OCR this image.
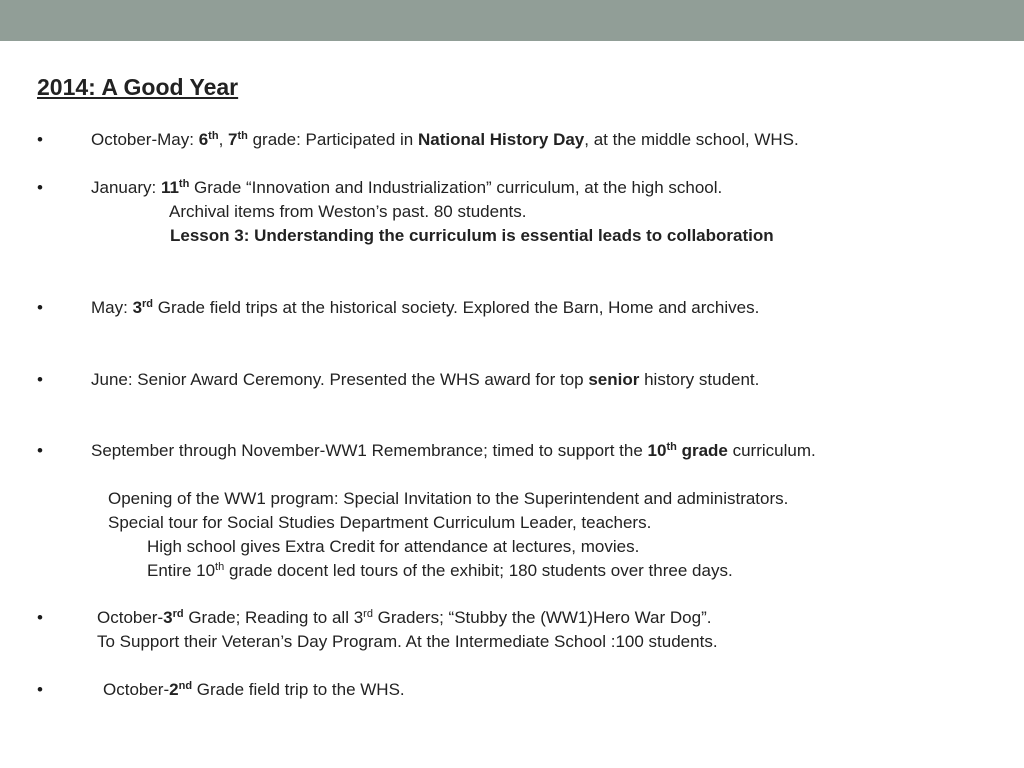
2014: A Good Year
•	October-May: 6th, 7th grade: Participated in National History Day, at the middle school, WHS.
•	January: 11th Grade “Innovation and Industrialization” curriculum, at the high school.
Archival items from Weston’s past. 80 students.
Lesson 3: Understanding the curriculum is essential leads to collaboration
•	May: 3rd Grade field trips at the historical society. Explored the Barn, Home and archives.
•	June: Senior Award Ceremony. Presented the WHS award for top senior history student.
•	September through November-WW1 Remembrance; timed to support the 10th grade curriculum.
Opening of the WW1 program: Special Invitation to the Superintendent and administrators.
Special tour for Social Studies Department Curriculum Leader, teachers.
High school gives Extra Credit for attendance at lectures, movies.
Entire 10th grade docent led tours of the exhibit; 180 students over three days.
•	October-3rd Grade; Reading to all 3rd Graders; “Stubby the (WW1)Hero War Dog”.
To Support their Veteran’s Day Program. At the Intermediate School :100 students.
•	October-2nd Grade field trip to the WHS.
